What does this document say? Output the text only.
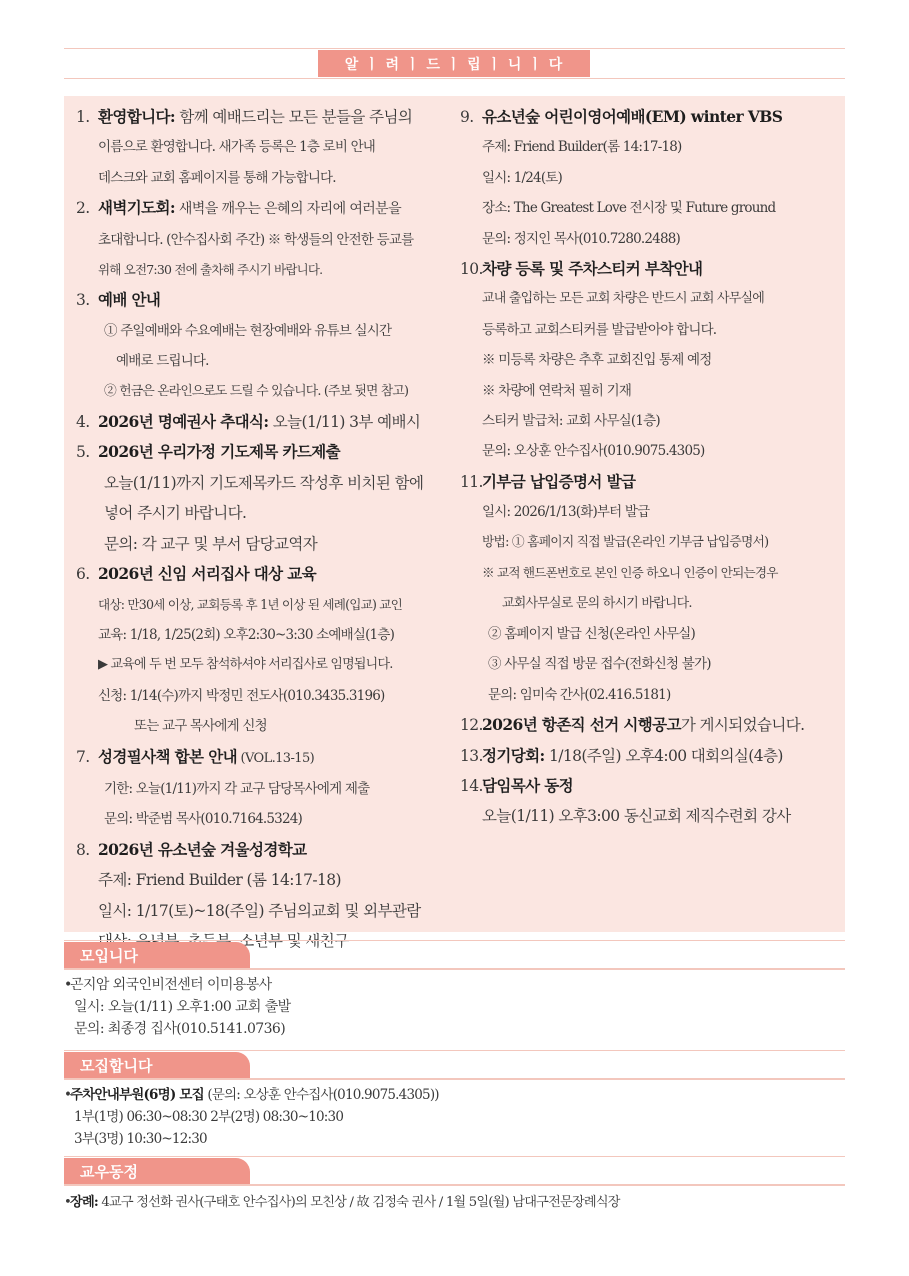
알 ㅣ 려 ㅣ 드 ㅣ 립 ㅣ 니 ㅣ 다
1. 환영합니다: 함께 예배드리는 모든 분들을 주님의
이름으로 환영합니다. 새가족 등록은 1층 로비 안내
데스크와 교회 홈페이지를 통해 가능합니다.
2. 새벽기도회: 새벽을 깨우는 은혜의 자리에 여러분을
초대합니다. (안수집사회 주간) ※ 학생들의 안전한 등교를
위해 오전7:30 전에 출차해 주시기 바랍니다.
3. 예배 안내
① 주일예배와 수요예배는 현장예배와 유튜브 실시간
예배로 드립니다.
② 헌금은 온라인으로도 드릴 수 있습니다. (주보 뒷면 참고)
4. 2026년 명예권사 추대식: 오늘(1/11) 3부 예배시
5. 2026년 우리가정 기도제목 카드제출
오늘(1/11)까지 기도제목카드 작성후 비치된 함에
넣어 주시기 바랍니다.
문의: 각 교구 및 부서 담당교역자
6. 2026년 신임 서리집사 대상 교육
대상: 만30세 이상, 교회등록 후 1년 이상 된 세례(입교) 교인
교육: 1/18, 1/25(2회) 오후2:30~3:30 소예배실(1층)
▶ 교육에 두 번 모두 참석하셔야 서리집사로 임명됩니다.
신청: 1/14(수)까지 박정민 전도사(010.3435.3196)
또는 교구 목사에게 신청
7. 성경필사책 합본 안내 (VOL.13-15)
기한: 오늘(1/11)까지 각 교구 담당목사에게 제출
문의: 박준범 목사(010.7164.5324)
8. 2026년 유소년숲 겨울성경학교
주제: Friend Builder (롬 14:17-18)
일시: 1/17(토)~18(주일) 주님의교회 및 외부관람
9. 유소년숲 어린이영어예배(EM) winter VBS
주제: Friend Builder(롬 14:17-18)
일시: 1/24(토)
장소: The Greatest Love 전시장 및 Future ground
문의: 정지인 목사(010.7280.2488)
10.차량 등록 및 주차스티커 부착안내
교내 출입하는 모든 교회 차량은 반드시 교회 사무실에
등록하고 교회스티커를 발급받아야 합니다.
※ 미등록 차량은 추후 교회진입 통제 예정
※ 차량에 연락처 필히 기재
스티커 발급처: 교회 사무실(1층)
문의: 오상훈 안수집사(010.9075.4305)
11.기부금 납입증명서 발급
일시: 2026/1/13(화)부터 발급
방법: ① 홈페이지 직접 발급(온라인 기부금 납입증명서)
※ 교적 핸드폰번호로 본인 인증 하오니 인증이 안되는경우
교회사무실로 문의 하시기 바랍니다.
② 홈페이지 발급 신청(온라인 사무실)
③ 사무실 직접 방문 접수(전화신청 불가)
문의: 임미숙 간사(02.416.5181)
12.2026년 항존직 선거 시행공고가 게시되었습니다.
13.정기당회: 1/18(주일) 오후4:00 대회의실(4층)
14.담임목사 동정
오늘(1/11) 오후3:00 동신교회 제직수련회 강사
모입니다
•곤지암 외국인비전센터 이미용봉사
일시: 오늘(1/11) 오후1:00 교회 출발
문의: 최종경 집사(010.5141.0736)
모집합니다
•주차안내부원(6명) 모집 (문의: 오상훈 안수집사(010.9075.4305))
1부(1명) 06:30~08:30 2부(2명) 08:30~10:30
3부(3명) 10:30~12:30
교우동정
•장례: 4교구 정선화 권사(구태호 안수집사)의 모친상 / 故 김정숙 권사 / 1월 5일(월) 남대구전문장례식장
